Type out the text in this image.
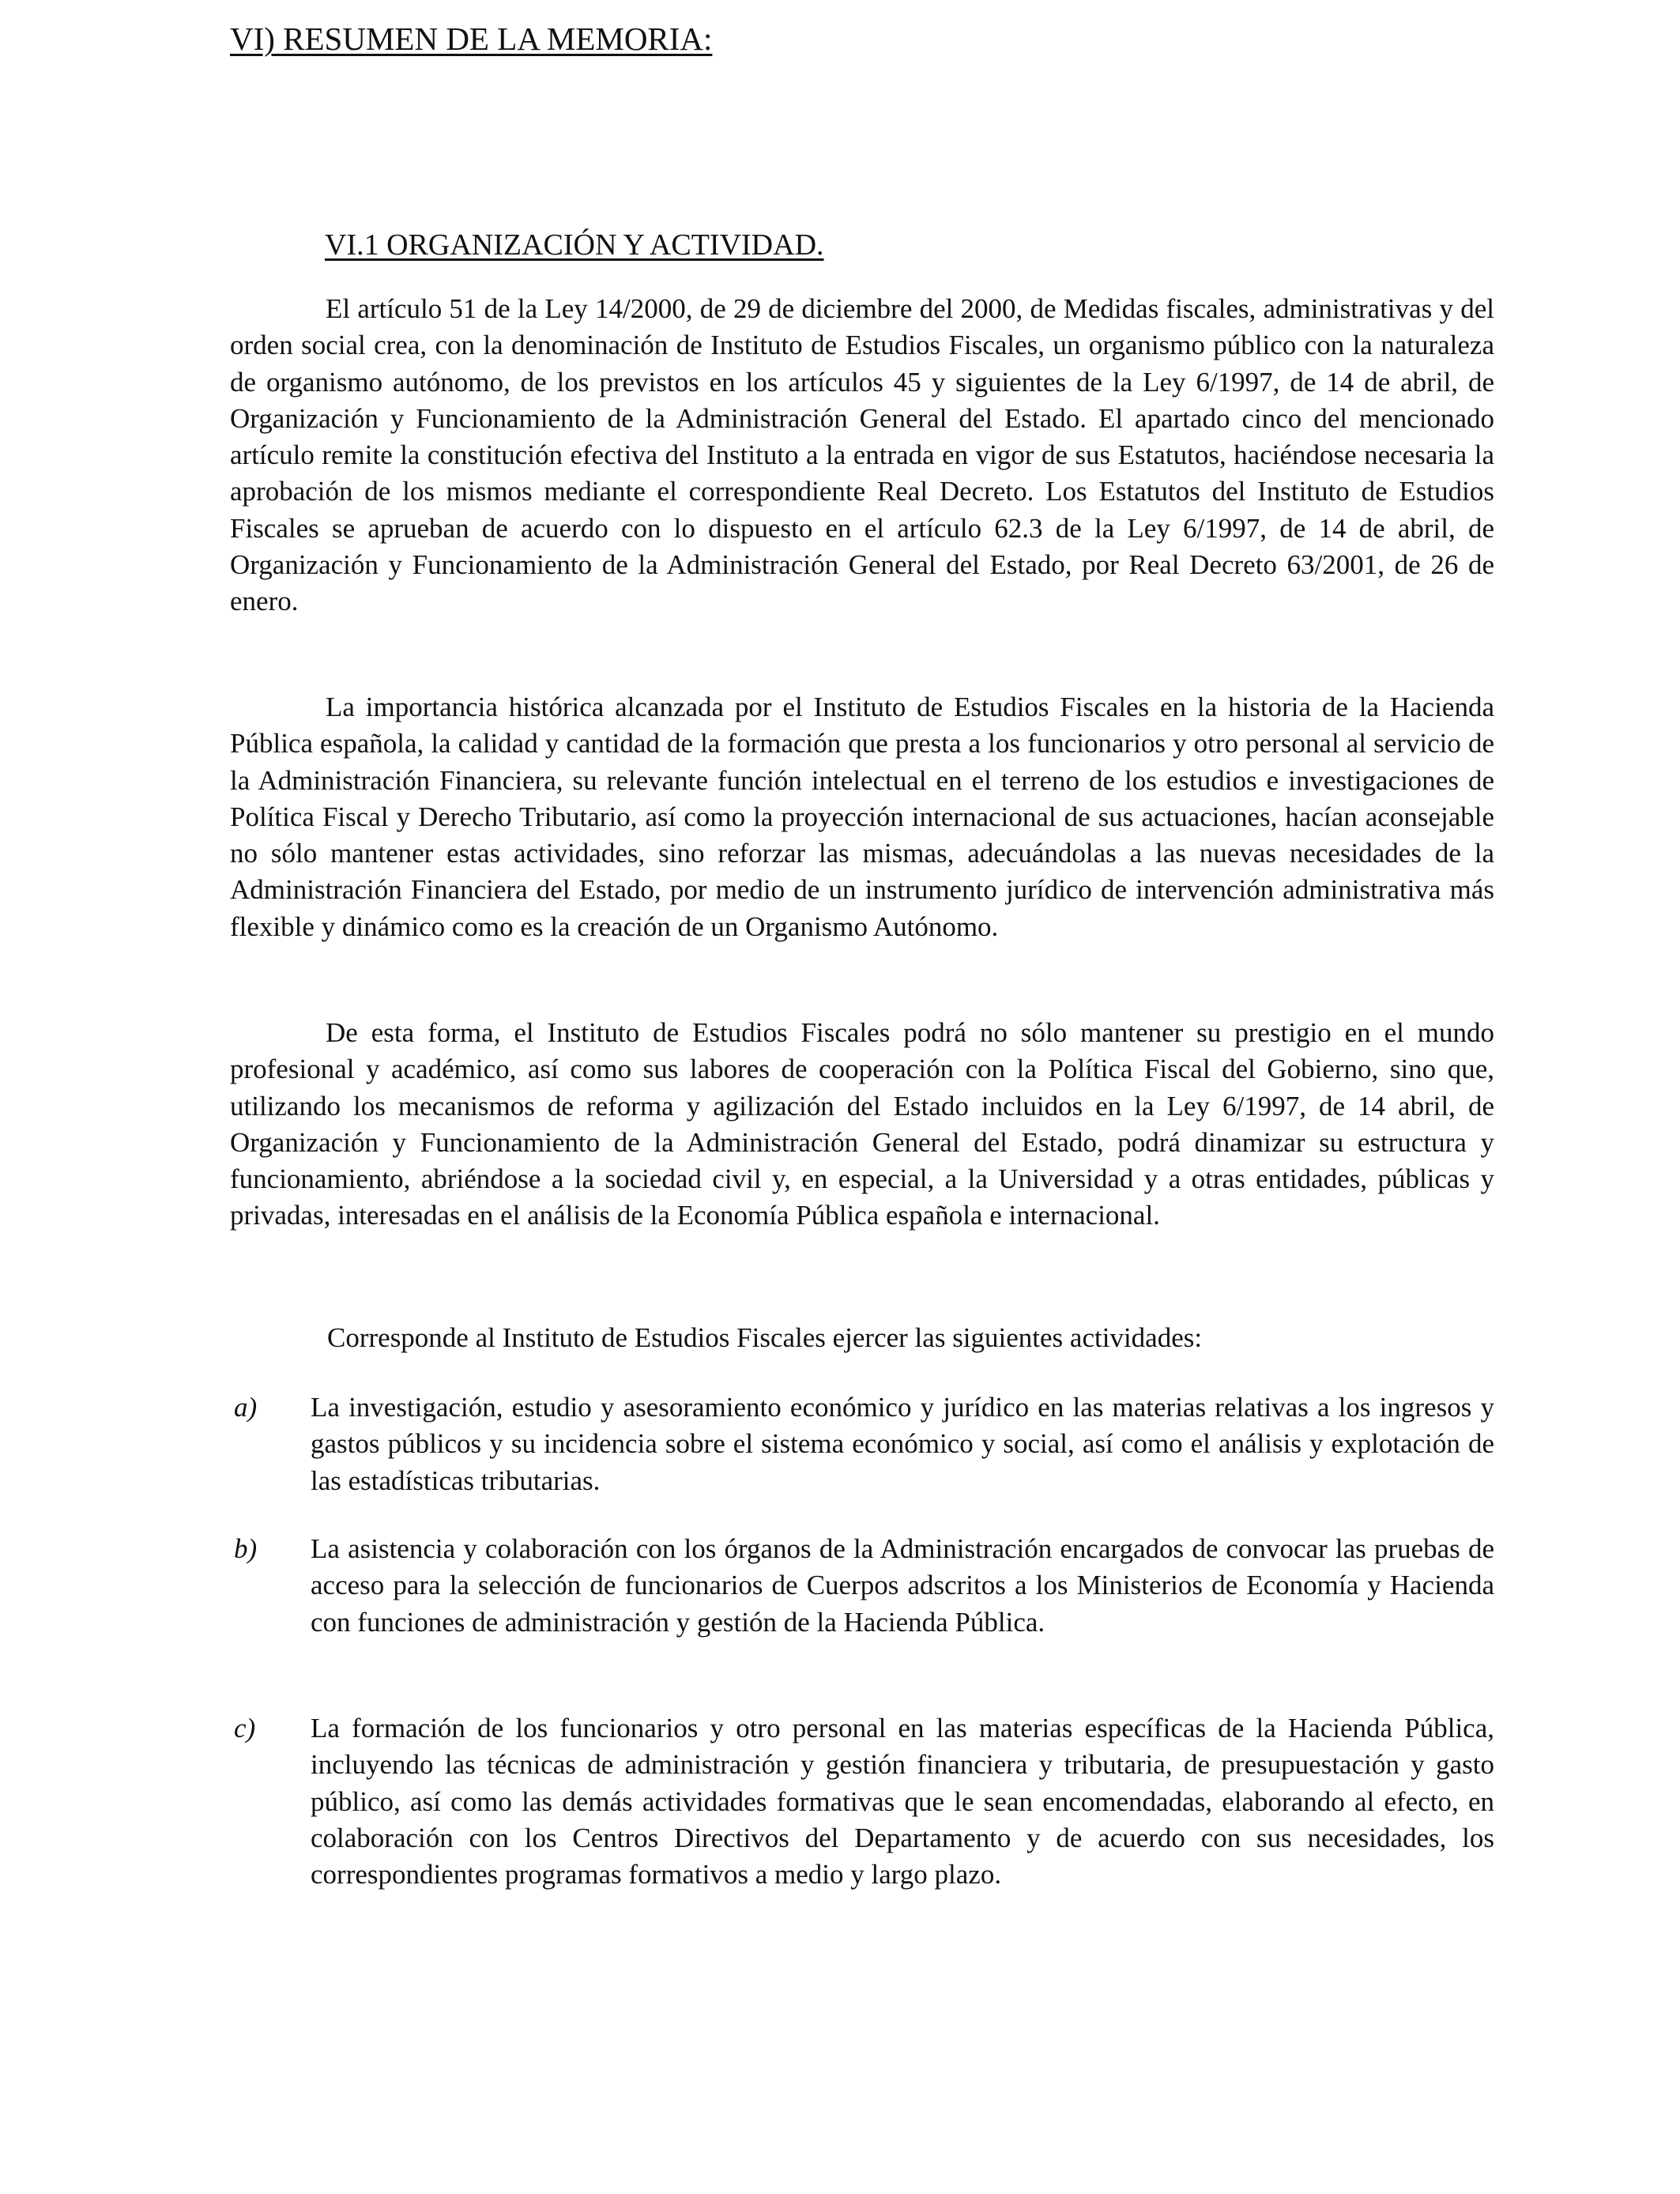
VI) RESUMEN DE LA MEMORIA:
VI.1 ORGANIZACIÓN Y ACTIVIDAD.

El artículo 51 de la Ley 14/2000, de 29 de diciembre del 2000, de Medidas fiscales, administrativas y del orden social crea, con la denominación de Instituto de Estudios Fiscales, un organismo público con la naturaleza de organismo autónomo, de los previstos en los artículos 45 y siguientes de la Ley 6/1997, de 14 de abril, de Organización y Funcionamiento de la Administración General del Estado. El apartado cinco del mencionado artículo remite la constitución efectiva del Instituto a la entrada en vigor de sus Estatutos, haciéndose necesaria la aprobación de los mismos mediante el correspondiente Real Decreto. Los Estatutos del Instituto de Estudios Fiscales se aprueban de acuerdo con lo dispuesto en el artículo 62.3 de la Ley 6/1997, de 14 de abril, de Organización y Funcionamiento de la Administración General del Estado, por Real Decreto 63/2001, de 26 de enero.

La importancia histórica alcanzada por el Instituto de Estudios Fiscales en la historia de la Hacienda Pública española, la calidad y cantidad de la formación que presta a los funcionarios y otro personal al servicio de la Administración Financiera, su relevante función intelectual en el terreno de los estudios e investigaciones de Política Fiscal y Derecho Tributario, así como la proyección internacional de sus actuaciones, hacían aconsejable no sólo mantener estas actividades, sino reforzar las mismas, adecuándolas a las nuevas necesidades de la Administración Financiera del Estado, por medio de un instrumento jurídico de intervención administrativa más flexible y dinámico como es la creación de un Organismo Autónomo.

De esta forma, el Instituto de Estudios Fiscales podrá no sólo mantener su prestigio en el mundo profesional y académico, así como sus labores de cooperación con la Política Fiscal del Gobierno, sino que, utilizando los mecanismos de reforma y agilización del Estado incluidos en la Ley 6/1997, de 14 abril, de Organización y Funcionamiento de la Administración General del Estado, podrá dinamizar su estructura y funcionamiento, abriéndose a la sociedad civil y, en especial, a la Universidad y a otras entidades, públicas y privadas, interesadas en el análisis de la Economía Pública española e internacional.

Corresponde al Instituto de Estudios Fiscales ejercer las siguientes actividades:
a) La investigación, estudio y asesoramiento económico y jurídico en las materias relativas a los ingresos y gastos públicos y su incidencia sobre el sistema económico y social, así como el análisis y explotación de las estadísticas tributarias.

b) La asistencia y colaboración con los órganos de la Administración encargados de convocar las pruebas de acceso para la selección de funcionarios de Cuerpos adscritos a los Ministerios de Economía y Hacienda con funciones de administración y gestión de la Hacienda Pública.

c) La formación de los funcionarios y otro personal en las materias específicas de la Hacienda Pública, incluyendo las técnicas de administración y gestión financiera y tributaria, de presupuestación y gasto público, así como las demás actividades formativas que le sean encomendadas, elaborando al efecto, en colaboración con los Centros Directivos del Departamento y de acuerdo con sus necesidades, los correspondientes programas formativos a medio y largo plazo.
